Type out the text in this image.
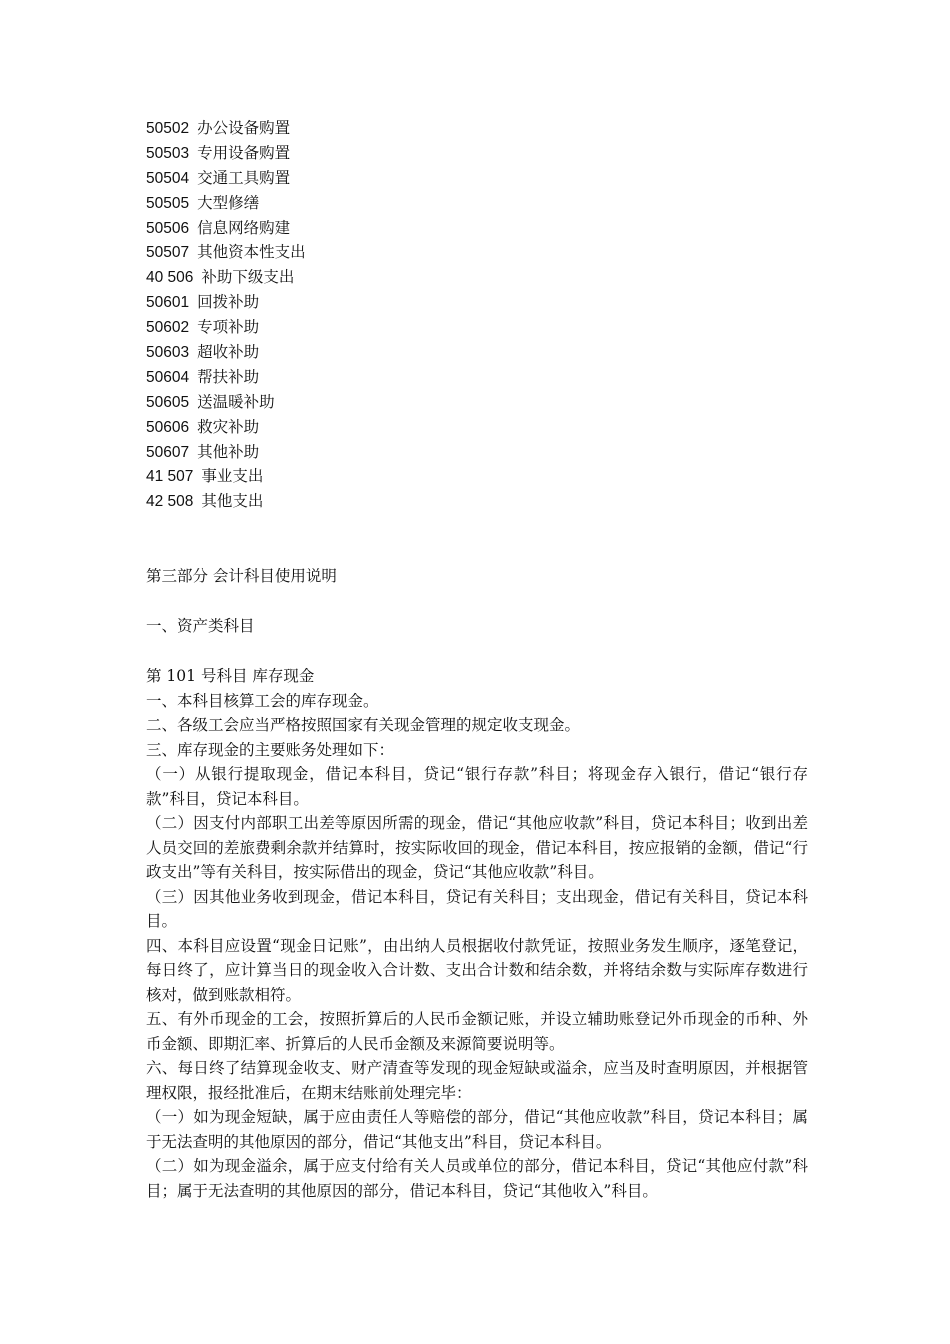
50502 办公设备购置
50503 专用设备购置
50504 交通工具购置
50505 大型修缮
50506 信息网络购建
50507 其他资本性支出
40 506 补助下级支出
50601 回拨补助
50602 专项补助
50603 超收补助
50604 帮扶补助
50605 送温暖补助
50606 救灾补助
50607 其他补助
41 507 事业支出
42 508 其他支出
第三部分 会计科目使用说明
一、资产类科目
第 101 号科目 库存现金

一、本科目核算工会的库存现金。

二、各级工会应当严格按照国家有关现金管理的规定收支现金。

三、库存现金的主要账务处理如下：

（一）从银行提取现金，借记本科目，贷记“银行存款”科目；将现金存入银行，借记“银行存款”科目，贷记本科目。

（二）因支付内部职工出差等原因所需的现金，借记“其他应收款”科目，贷记本科目；收到出差人员交回的差旅费剩余款并结算时，按实际收回的现金，借记本科目，按应报销的金额，借记“行政支出”等有关科目，按实际借出的现金，贷记“其他应收款”科目。

（三）因其他业务收到现金，借记本科目，贷记有关科目；支出现金，借记有关科目，贷记本科目。

四、本科目应设置“现金日记账”，由出纳人员根据收付款凭证，按照业务发生顺序，逐笔登记，每日终了，应计算当日的现金收入合计数、支出合计数和结余数，并将结余数与实际库存数进行核对，做到账款相符。

五、有外币现金的工会，按照折算后的人民币金额记账，并设立辅助账登记外币现金的币种、外币金额、即期汇率、折算后的人民币金额及来源简要说明等。

六、每日终了结算现金收支、财产清查等发现的现金短缺或溢余，应当及时查明原因，并根据管理权限，报经批准后，在期末结账前处理完毕：

（一）如为现金短缺，属于应由责任人等赔偿的部分，借记“其他应收款”科目，贷记本科目；属于无法查明的其他原因的部分，借记“其他支出”科目，贷记本科目。

（二）如为现金溢余，属于应支付给有关人员或单位的部分，借记本科目，贷记“其他应付款”科目；属于无法查明的其他原因的部分，借记本科目，贷记“其他收入”科目。
